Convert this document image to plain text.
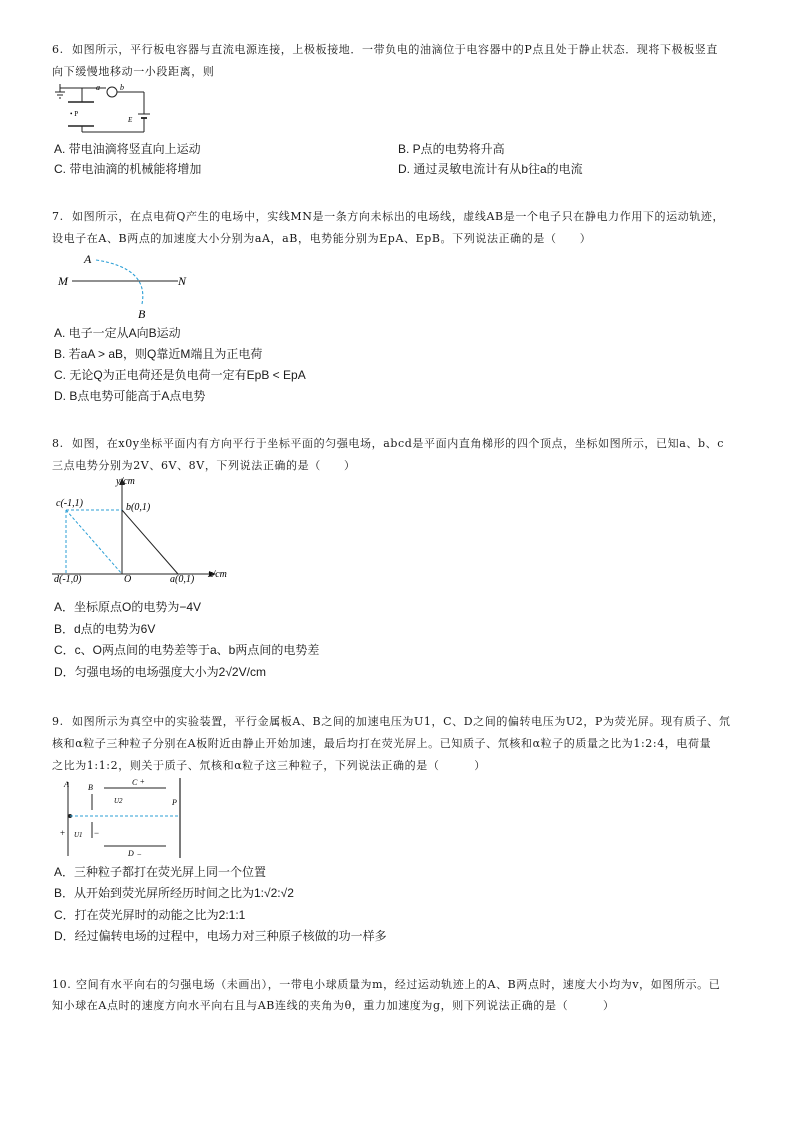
6. 如图所示，平行板电容器与直流电源连接，上极板接地．一带负电的油滴位于电容器中的P点且处于静止状态．现将下极板竖直
向下缓慢地移动一小段距离，则
a	b
• P
E
A. 带电油滴将竖直向上运动	B. P点的电势将升高
C. 带电油滴的机械能将增加	D. 通过灵敏电流计有从b往a的电流
7. 如图所示，在点电荷Q产生的电场中，实线MN是一条方向未标出的电场线，虚线AB是一个电子只在静电力作用下的运动轨迹，
设电子在A、B两点的加速度大小分别为aA，aB，电势能分别为EpA、EpB。下列说法正确的是（　　）
A
B
M	N
A. 电子一定从A向B运动
B. 若aA > aB，则Q靠近M端且为正电荷
C. 无论Q为正电荷还是负电荷一定有EpB < EpA
D. B点电势可能高于A点电势
8. 如图，在x0y坐标平面内有方向平行于坐标平面的匀强电场，abcd是平面内直角梯形的四个顶点，坐标如图所示，已知a、b、c
三点电势分别为2V、6V、8V，下列说法正确的是（　　）
y/cm
x/cm
c(-1,1)	b(0,1)
d(-1,0)	O	a(0,1)
A．坐标原点O的电势为−4V
B．d点的电势为6V
C．c、O两点间的电势差等于a、b两点间的电势差
D．匀强电场的电场强度大小为2√2V/cm
9. 如图所示为真空中的实验装置，平行金属板A、B之间的加速电压为U1，C、D之间的偏转电压为U2，P为荧光屏。现有质子、氘
核和α粒子三种粒子分别在A板附近由静止开始加速，最后均打在荧光屏上。已知质子、氘核和α粒子的质量之比为1:2:4，电荷量
之比为1:1:2，则关于质子、氘核和α粒子这三种粒子，下列说法正确的是（　　　）
A B
C +
U2	P
+ U1 −
D −
A．三种粒子都打在荧光屏上同一个位置
B．从开始到荧光屏所经历时间之比为1:√2:√2
C．打在荧光屏时的动能之比为2:1:1
D．经过偏转电场的过程中，电场力对三种原子核做的功一样多
10. 空间有水平向右的匀强电场（未画出），一带电小球质量为m，经过运动轨迹上的A、B两点时，速度大小均为v，如图所示。已
知小球在A点时的速度方向水平向右且与AB连线的夹角为θ，重力加速度为g，则下列说法正确的是（　　　）
